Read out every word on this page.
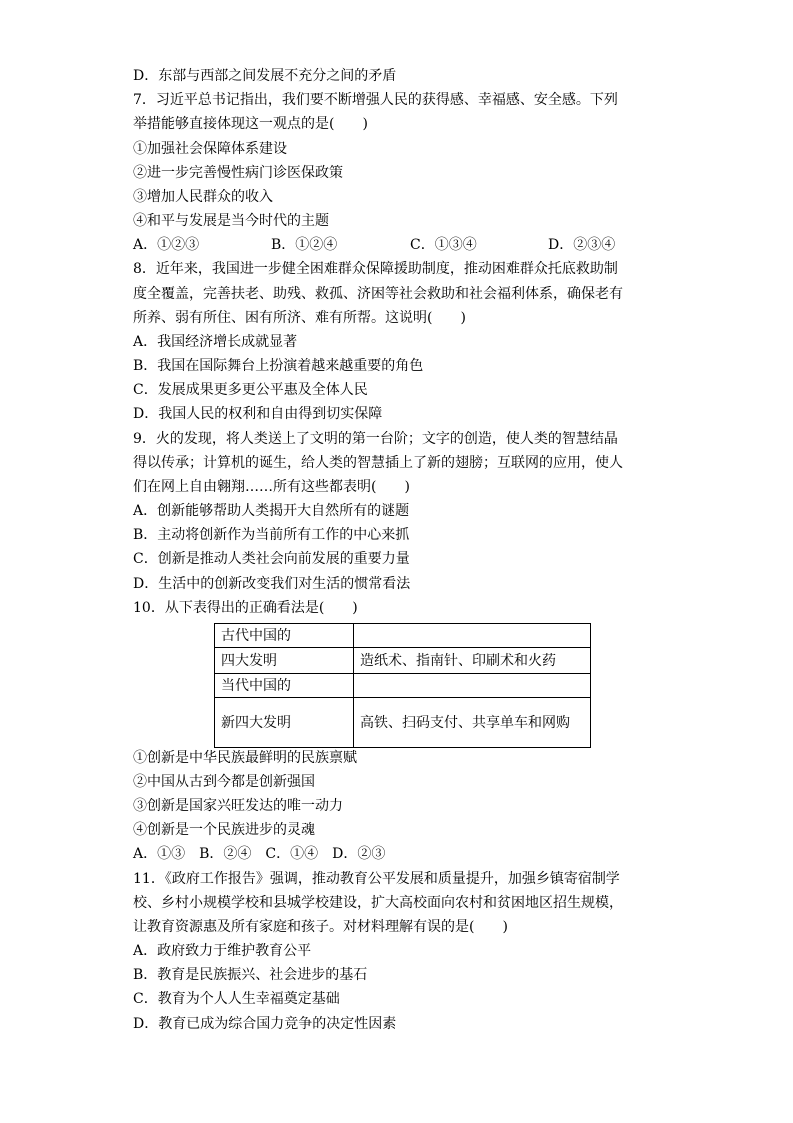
D．东部与西部之间发展不充分之间的矛盾
7．习近平总书记指出，我们要不断增强人民的获得感、幸福感、安全感。下列
举措能够直接体现这一观点的是(　　)
①加强社会保障体系建设
②进一步完善慢性病门诊医保政策
③增加人民群众的收入
④和平与发展是当今时代的主题
A．①②③	B．①②④	C．①③④	D．②③④
8．近年来，我国进一步健全困难群众保障援助制度，推动困难群众托底救助制
度全覆盖，完善扶老、助残、救孤、济困等社会救助和社会福利体系，确保老有
所养、弱有所住、困有所济、难有所帮。这说明(　　)
A．我国经济增长成就显著
B．我国在国际舞台上扮演着越来越重要的角色
C．发展成果更多更公平惠及全体人民
D．我国人民的权利和自由得到切实保障
9．火的发现，将人类送上了文明的第一台阶；文字的创造，使人类的智慧结晶
得以传承；计算机的诞生，给人类的智慧插上了新的翅膀；互联网的应用，使人
们在网上自由翱翔……所有这些都表明(　　)
A．创新能够帮助人类揭开大自然所有的谜题
B．主动将创新作为当前所有工作的中心来抓
C．创新是推动人类社会向前发展的重要力量
D．生活中的创新改变我们对生活的惯常看法
10．从下表得出的正确看法是(　　)
古代中国的	
四大发明	造纸术、指南针、印刷术和火药
当代中国的	
新四大发明	高铁、扫码支付、共享单车和网购
①创新是中华民族最鲜明的民族禀赋
②中国从古到今都是创新强国
③创新是国家兴旺发达的唯一动力
④创新是一个民族进步的灵魂
A．①③　B．②④　C．①④　D．②③
11．《政府工作报告》强调，推动教育公平发展和质量提升，加强乡镇寄宿制学
校、乡村小规模学校和县城学校建设，扩大高校面向农村和贫困地区招生规模，
让教育资源惠及所有家庭和孩子。对材料理解有误的是(　　)
A．政府致力于维护教育公平
B．教育是民族振兴、社会进步的基石
C．教育为个人人生幸福奠定基础
D．教育已成为综合国力竞争的决定性因素
